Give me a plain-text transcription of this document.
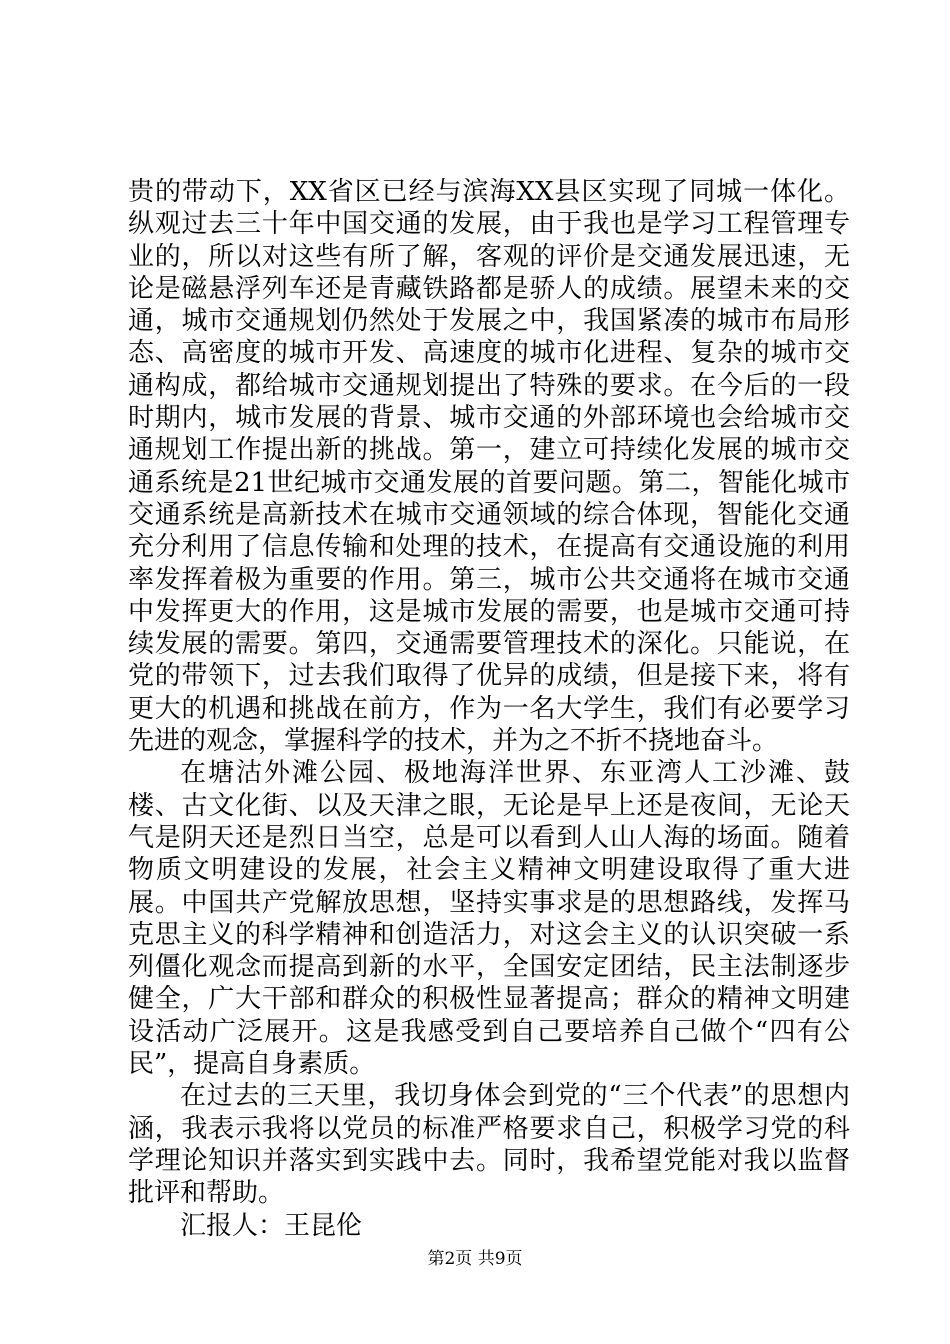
贵的带动下，XX省区已经与滨海XX县区实现了同城一体化。纵观过去三十年中国交通的发展，由于我也是学习工程管理专业的，所以对这些有所了解，客观的评价是交通发展迅速，无论是磁悬浮列车还是青藏铁路都是骄人的成绩。展望未来的交通，城市交通规划仍然处于发展之中，我国紧凑的城市布局形态、高密度的城市开发、高速度的城市化进程、复杂的城市交通构成，都给城市交通规划提出了特殊的要求。在今后的一段时期内，城市发展的背景、城市交通的外部环境也会给城市交通规划工作提出新的挑战。第一，建立可持续化发展的城市交通系统是21世纪城市交通发展的首要问题。第二，智能化城市交通系统是高新技术在城市交通领域的综合体现，智能化交通充分利用了信息传输和处理的技术，在提高有交通设施的利用率发挥着极为重要的作用。第三，城市公共交通将在城市交通中发挥更大的作用，这是城市发展的需要，也是城市交通可持续发展的需要。第四，交通需要管理技术的深化。只能说，在党的带领下，过去我们取得了优异的成绩，但是接下来，将有更大的机遇和挑战在前方，作为一名大学生，我们有必要学习先进的观念，掌握科学的技术，并为之不折不挠地奋斗。

在塘沽外滩公园、极地海洋世界、东亚湾人工沙滩、鼓楼、古文化街、以及天津之眼，无论是早上还是夜间，无论天气是阴天还是烈日当空，总是可以看到人山人海的场面。随着物质文明建设的发展，社会主义精神文明建设取得了重大进展。中国共产党解放思想，坚持实事求是的思想路线，发挥马克思主义的科学精神和创造活力，对这会主义的认识突破一系列僵化观念而提高到新的水平，全国安定团结，民主法制逐步健全，广大干部和群众的积极性显著提高；群众的精神文明建设活动广泛展开。这是我感受到自己要培养自己做个“四有公民”，提高自身素质。

在过去的三天里，我切身体会到党的“三个代表”的思想内涵，我表示我将以党员的标准严格要求自己，积极学习党的科学理论知识并落实到实践中去。同时，我希望党能对我以监督批评和帮助。

汇报人：王昆伦

第2页 共9页
